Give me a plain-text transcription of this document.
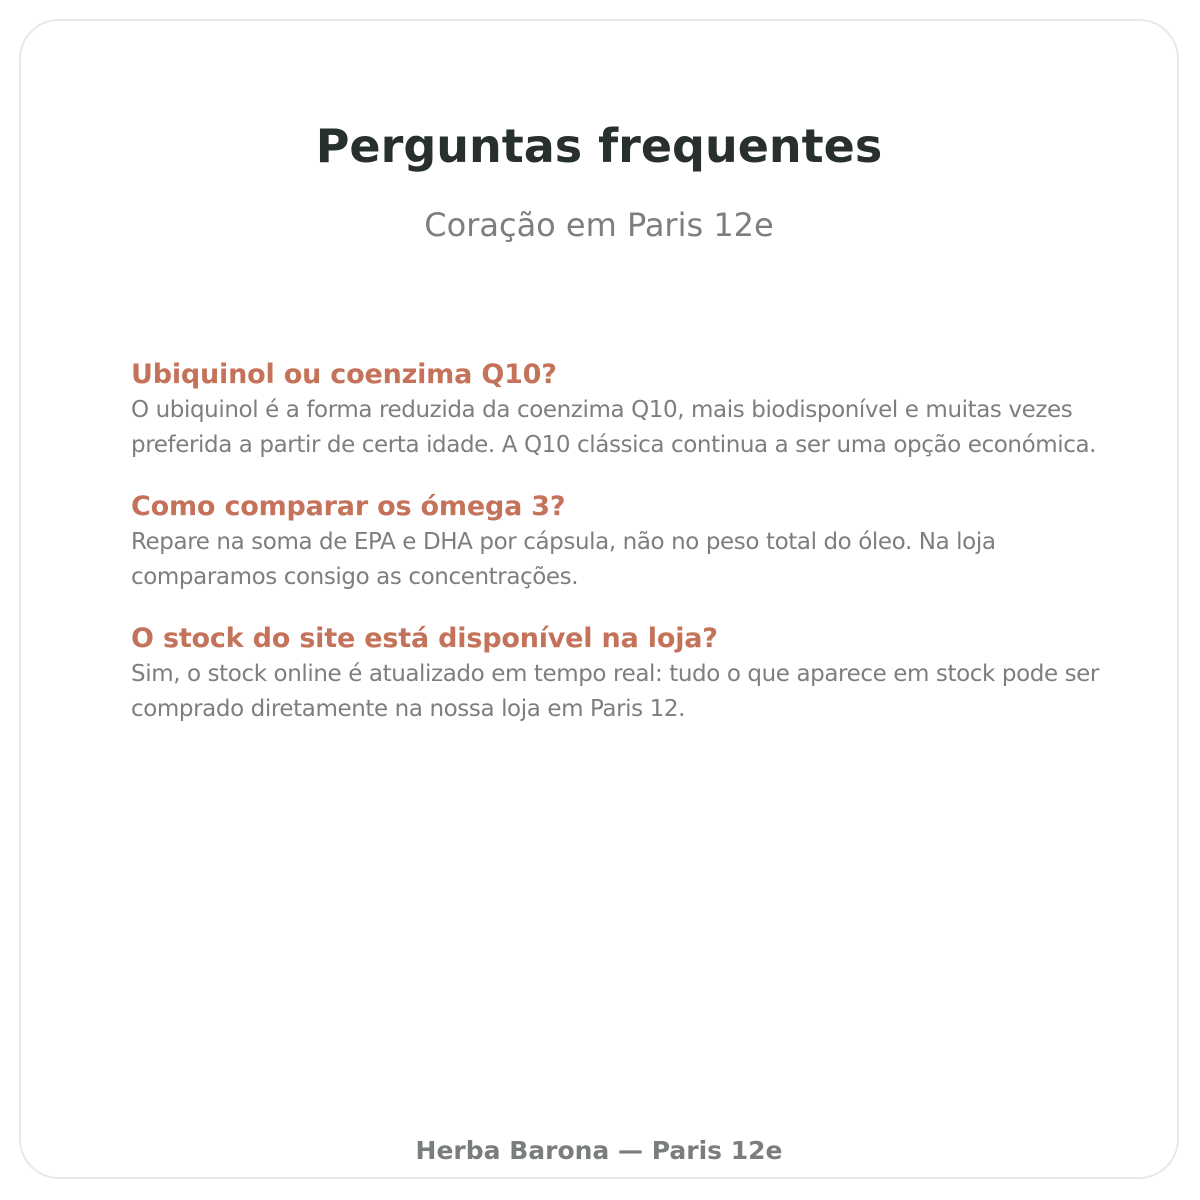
Perguntas frequentes
Coração em Paris 12e
Ubiquinol ou coenzima Q10?
O ubiquinol é a forma reduzida da coenzima Q10, mais biodisponível e muitas vezes preferida a partir de certa idade. A Q10 clássica continua a ser uma opção económica.
Como comparar os ómega 3?
Repare na soma de EPA e DHA por cápsula, não no peso total do óleo. Na loja comparamos consigo as concentrações.
O stock do site está disponível na loja?
Sim, o stock online é atualizado em tempo real: tudo o que aparece em stock pode ser comprado diretamente na nossa loja em Paris 12.
Herba Barona — Paris 12e
